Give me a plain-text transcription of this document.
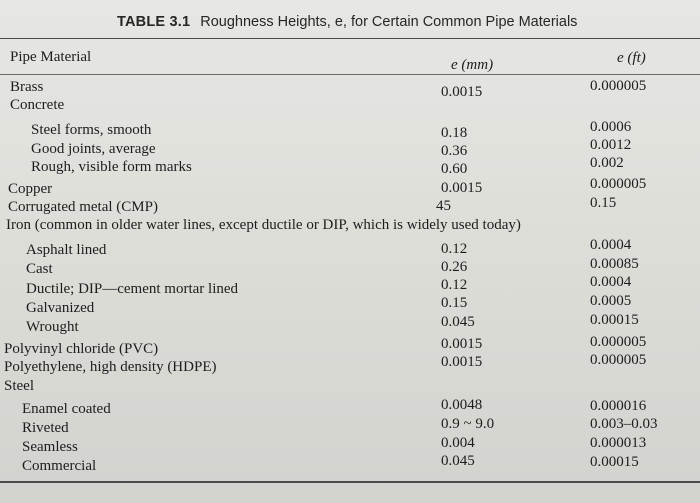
TABLE 3.1 Roughness Heights, e, for Certain Common Pipe Materials
Pipe Material	e (mm)	e (ft)
Brass	0.0015	0.000005
Concrete
Steel forms, smooth	0.18	0.0006
Good joints, average	0.36	0.0012
Rough, visible form marks	0.60	0.002
Copper	0.0015	0.000005
Corrugated metal (CMP)	45	0.15
Iron (common in older water lines, except ductile or DIP, which is widely used today)
Asphalt lined	0.12	0.0004
Cast	0.26	0.00085
Ductile; DIP—cement mortar lined	0.12	0.0004
Galvanized	0.15	0.0005
Wrought	0.045	0.00015
Polyvinyl chloride (PVC)	0.0015	0.000005
Polyethylene, high density (HDPE)	0.0015	0.000005
Steel
Enamel coated	0.0048	0.000016
Riveted	0.9 ~ 9.0	0.003–0.03
Seamless	0.004	0.000013
Commercial	0.045	0.00015
